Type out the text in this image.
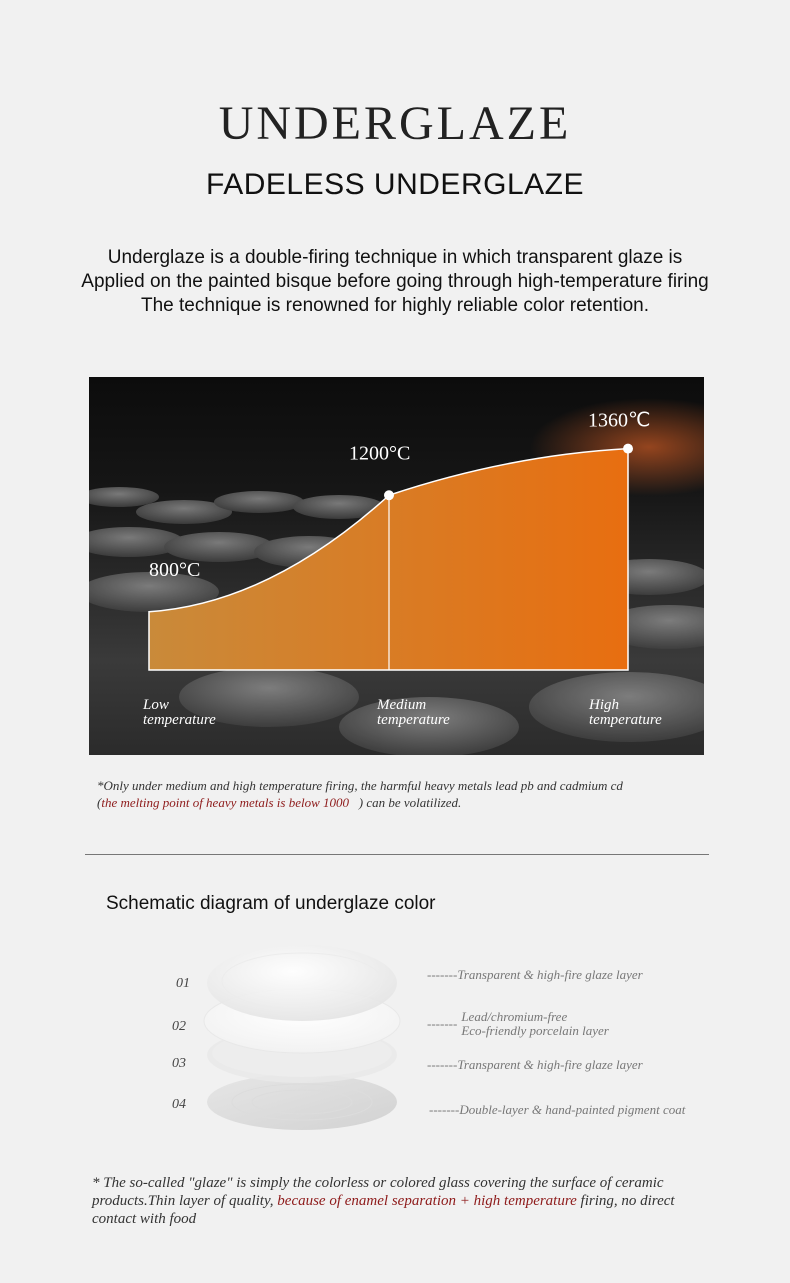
UNDERGLAZE
FADELESS UNDERGLAZE
Underglaze is a double-firing technique in which transparent glaze is
Applied on the painted bisque before going through high-temperature firing
The technique is renowned for highly reliable color retention.
800°C
1200°C
1360℃
Low temperature
Medium temperature
High temperature
*Only under medium and high temperature firing, the harmful heavy metals lead pb and cadmium cd
(the melting point of heavy metals is below 1000 ) can be volatilized.
Schematic diagram of underglaze color
01
02
03
04
-------Transparent & high-fire glaze layer
------- Lead/chromium-free
Eco-friendly porcelain layer
-------Transparent & high-fire glaze layer
-------Double-layer & hand-painted pigment coat
* The so-called "glaze" is simply the colorless or colored glass covering the surface of ceramic products.Thin layer of quality, because of enamel separation + high temperature firing, no direct contact with food
